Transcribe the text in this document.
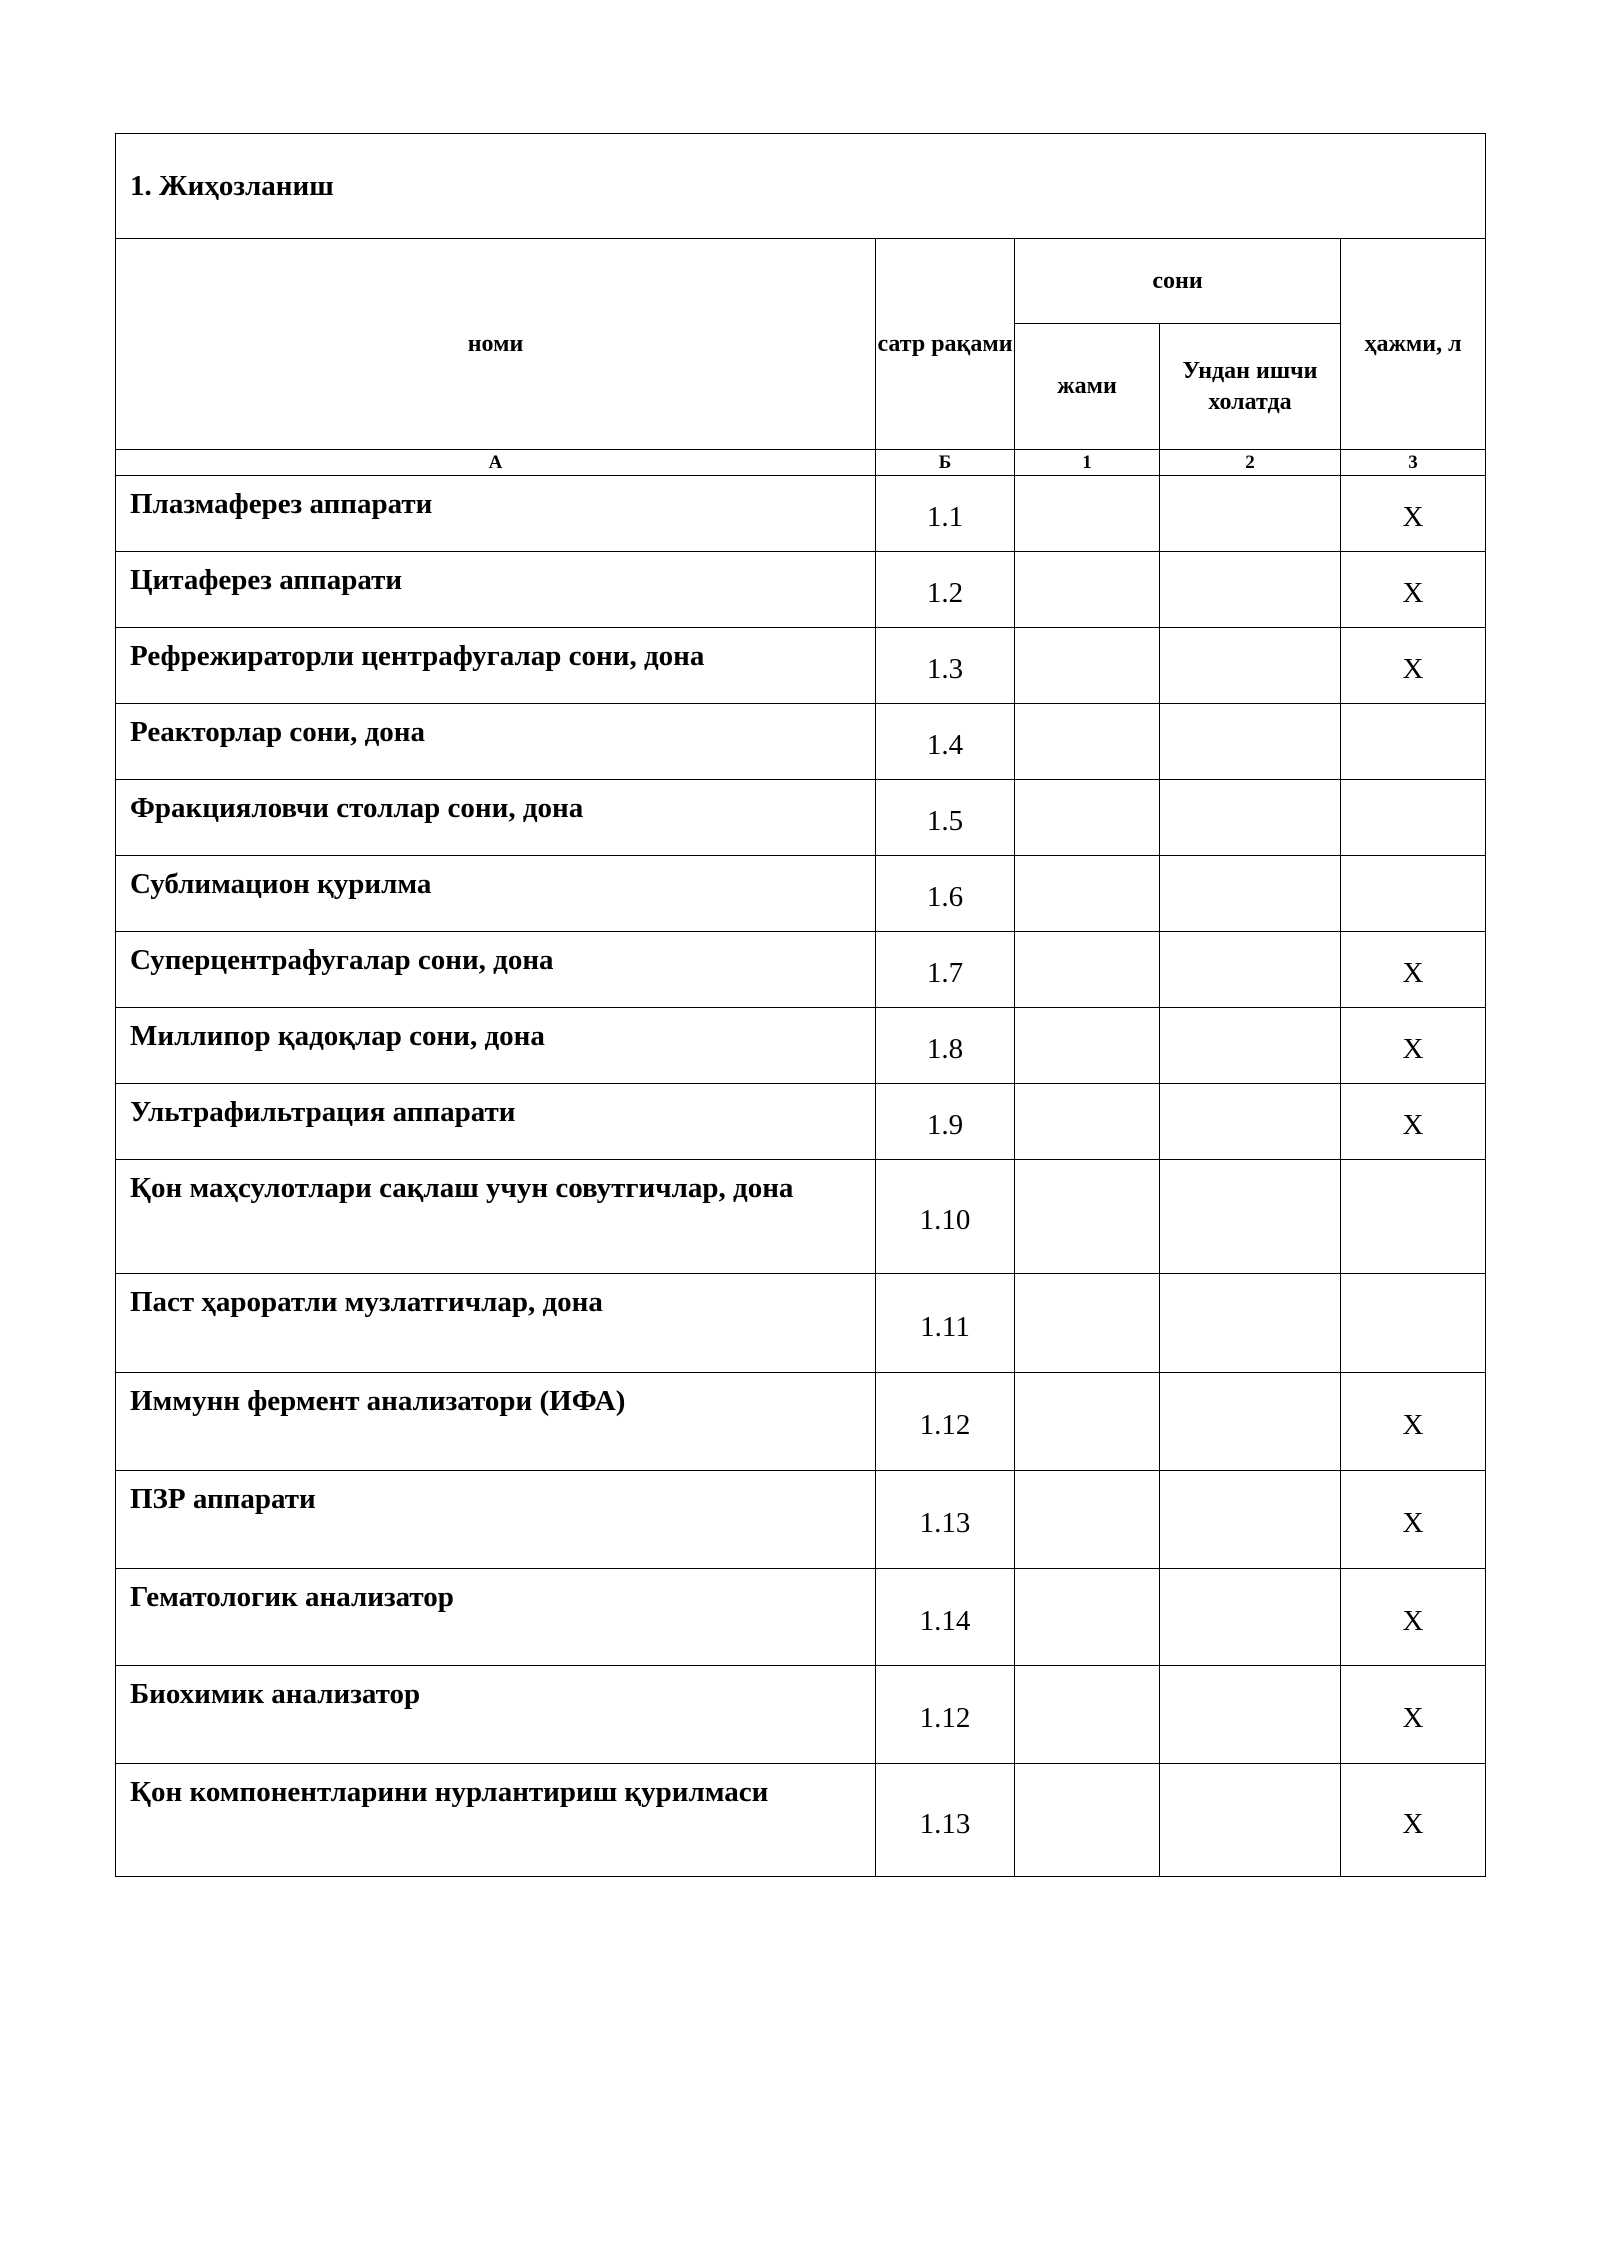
1. Жиҳозланиш				
номи	сатр рақами	сони		ҳажми, л
		жами	Ундан ишчи холатда	
А	Б	1	2	3
Плазмаферез аппарати	1.1			X
Цитаферез аппарати	1.2			X
Рефрежираторли центрафугалар сони, дона	1.3			X
Реакторлар сони, дона	1.4			
Фракцияловчи столлар сони, дона	1.5			
Сублимацион қурилма	1.6			
Суперцентрафугалар сони, дона	1.7			X
Миллипор қадоқлар сони, дона	1.8			X
Ультрафильтрация аппарати	1.9			X
Қон маҳсулотлари сақлаш учун совутгичлар, дона	1.10			
Паст ҳароратли музлатгичлар, дона	1.11			
Иммунн фермент анализатори (ИФА)	1.12			X
ПЗР аппарати	1.13			X
Гематологик анализатор	1.14			X
Биохимик анализатор	1.12			X
Қон компонентларини нурлантириш қурилмаси	1.13			X
